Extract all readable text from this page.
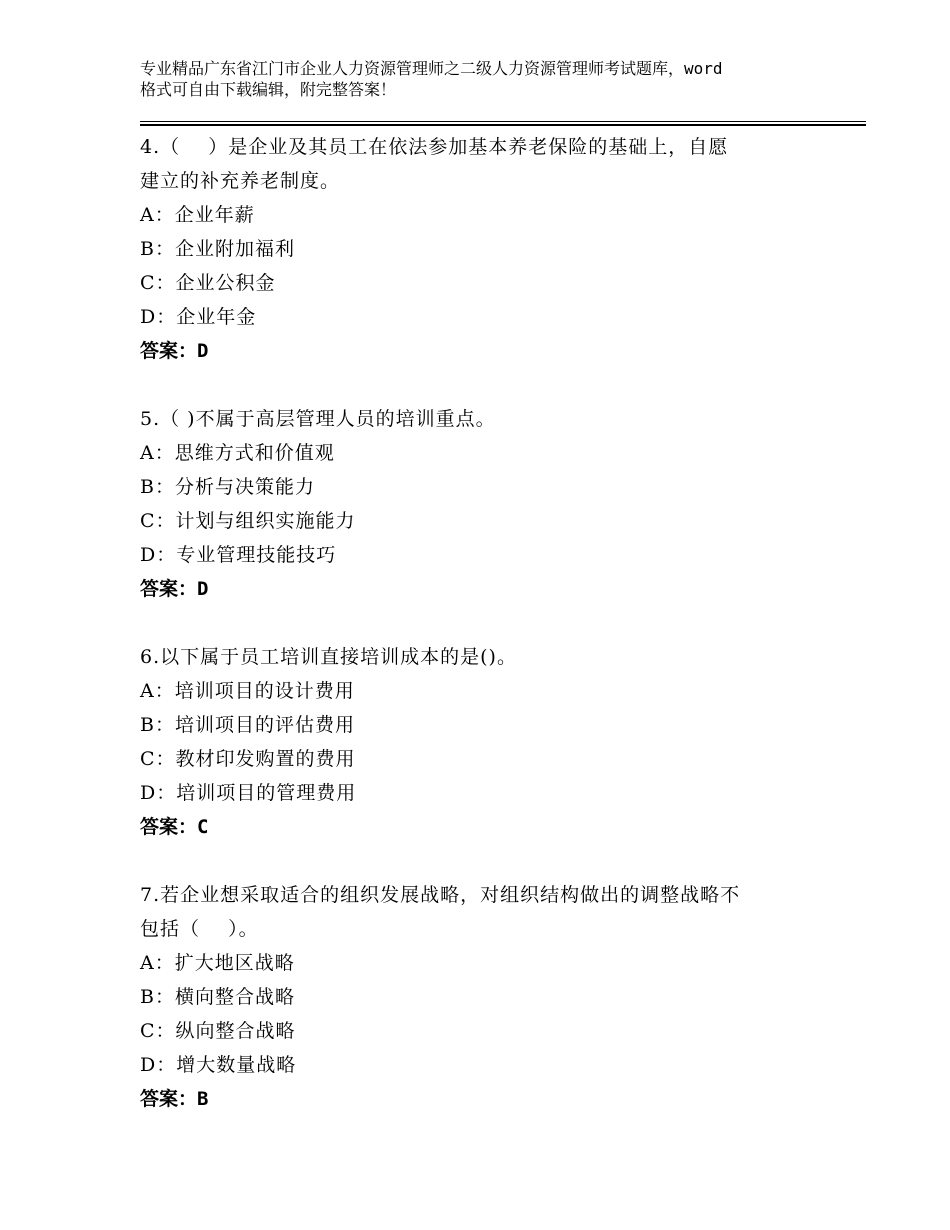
专业精品广东省江门市企业人力资源管理师之二级人力资源管理师考试题库，word
格式可自由下载编辑，附完整答案！
4.（    ）是企业及其员工在依法参加基本养老保险的基础上，自愿
建立的补充养老制度。
A：企业年薪
B：企业附加福利
C：企业公积金
D：企业年金
答案：D
5.（ )不属于高层管理人员的培训重点。
A：思维方式和价值观
B：分析与决策能力
C：计划与组织实施能力
D：专业管理技能技巧
答案：D
6.以下属于员工培训直接培训成本的是()。
A：培训项目的设计费用
B：培训项目的评估费用
C：教材印发购置的费用
D：培训项目的管理费用
答案：C
7.若企业想采取适合的组织发展战略，对组织结构做出的调整战略不
包括（    ）。
A：扩大地区战略
B：横向整合战略
C：纵向整合战略
D：增大数量战略
答案：B
